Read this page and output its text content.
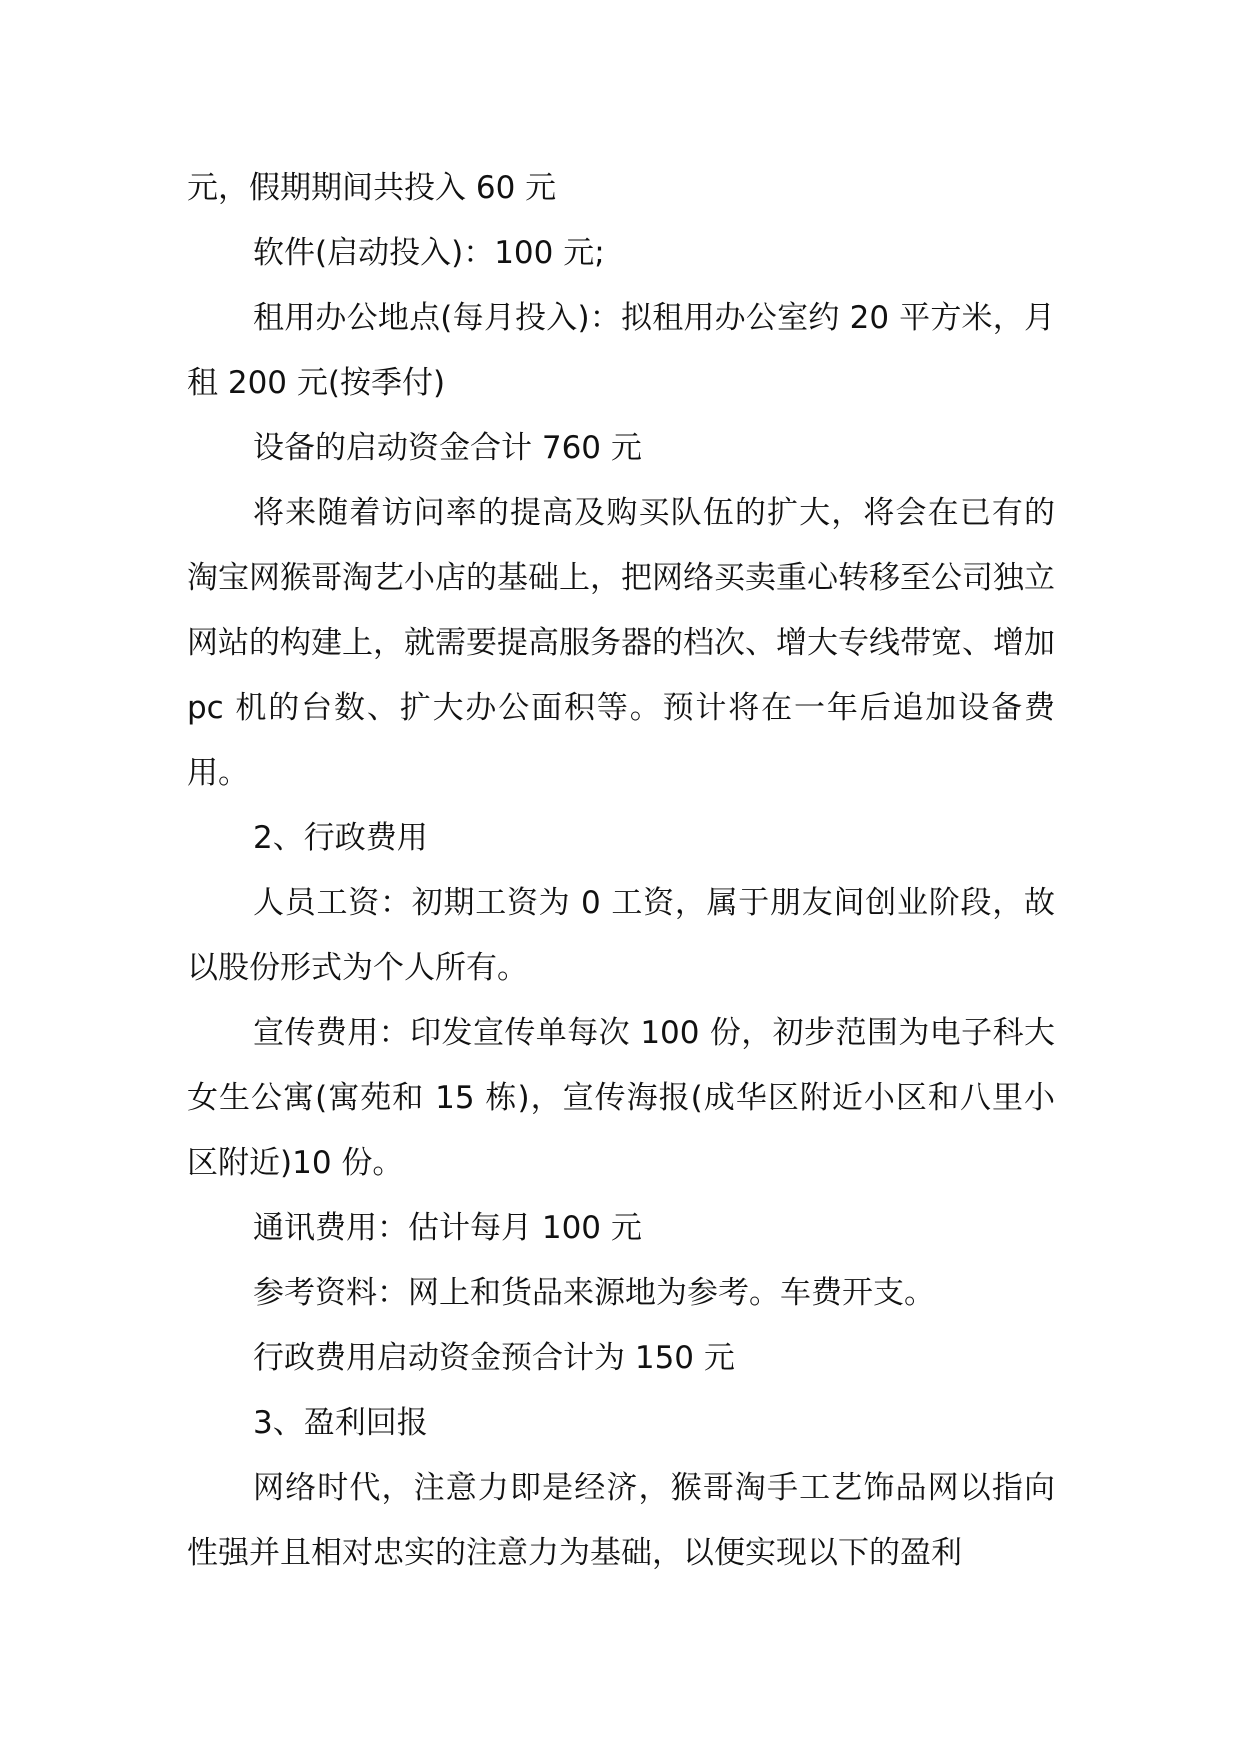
元，假期期间共投入 60 元

软件(启动投入)：100 元;

租用办公地点(每月投入)：拟租用办公室约 20 平方米，月租 200 元(按季付)

设备的启动资金合计 760 元

将来随着访问率的提高及购买队伍的扩大，将会在已有的淘宝网猴哥淘艺小店的基础上，把网络买卖重心转移至公司独立网站的构建上，就需要提高服务器的档次、增大专线带宽、增加 pc 机的台数、扩大办公面积等。预计将在一年后追加设备费用。

2、行政费用

人员工资：初期工资为 0 工资，属于朋友间创业阶段，故以股份形式为个人所有。

宣传费用：印发宣传单每次 100 份，初步范围为电子科大女生公寓(寓苑和 15 栋)，宣传海报(成华区附近小区和八里小区附近)10 份。

通讯费用：估计每月 100 元

参考资料：网上和货品来源地为参考。车费开支。

行政费用启动资金预合计为 150 元

3、盈利回报

网络时代，注意力即是经济，猴哥淘手工艺饰品网以指向性强并且相对忠实的注意力为基础，以便实现以下的盈利
